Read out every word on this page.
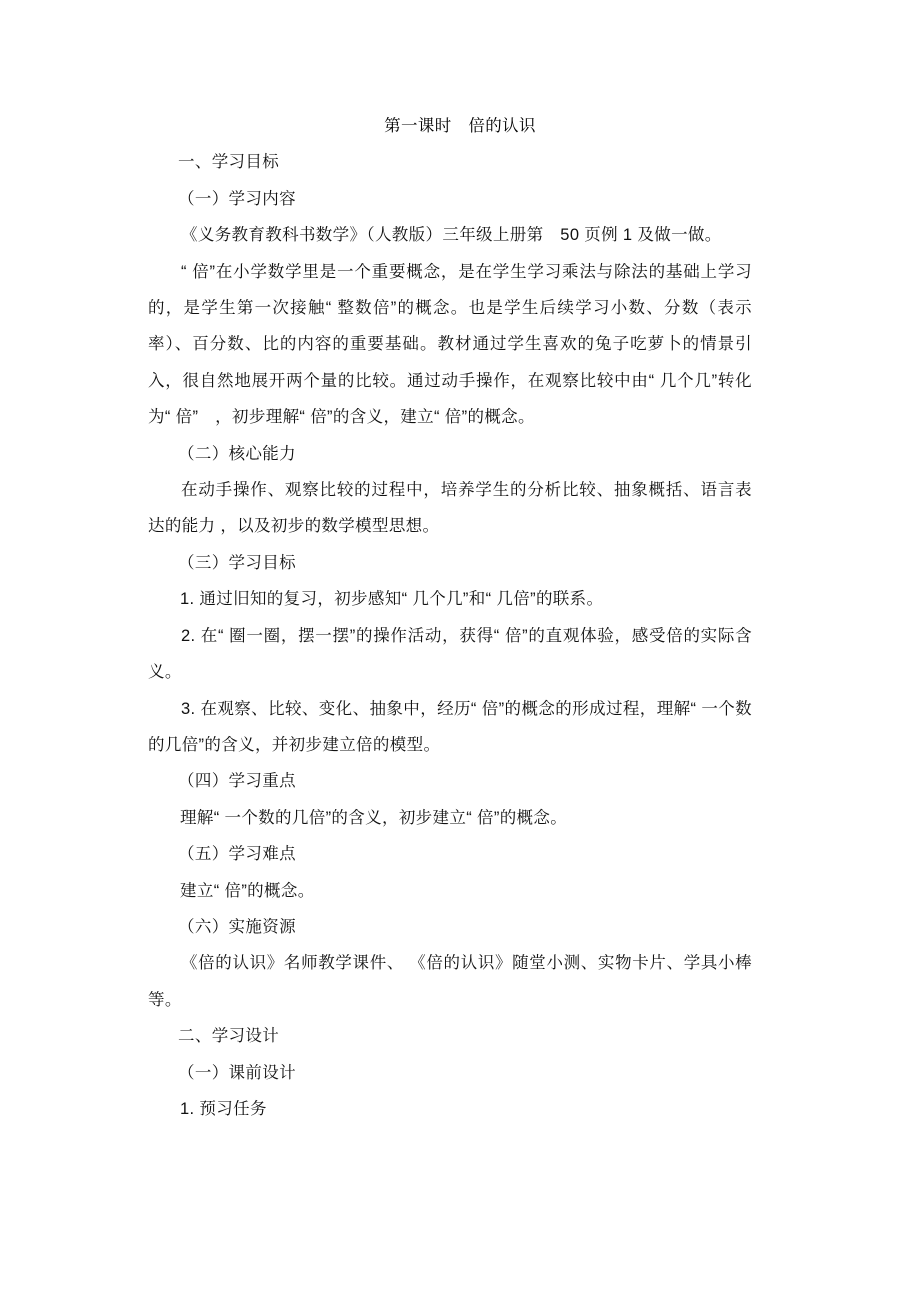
第一课时　倍的认识

一、学习目标

（一）学习内容

《义务教育教科书数学》（人教版）三年级上册第　50 页例 1 及做一做。

“ 倍”在小学数学里是一个重要概念，是在学生学习乘法与除法的基础上学习的，是学生第一次接触“ 整数倍”的概念。也是学生后续学习小数、分数（表示率）、百分数、比的内容的重要基础。教材通过学生喜欢的兔子吃萝卜的情景引入，很自然地展开两个量的比较。通过动手操作，在观察比较中由“ 几个几”转化为“ 倍”　，初步理解“ 倍”的含义，建立“ 倍”的概念。

（二）核心能力

在动手操作、观察比较的过程中，培养学生的分析比较、抽象概括、语言表达的能力 ，以及初步的数学模型思想。

（三）学习目标

1. 通过旧知的复习，初步感知“ 几个几”和“ 几倍”的联系。

2. 在“ 圈一圈，摆一摆”的操作活动，获得“ 倍”的直观体验，感受倍的实际含义。

3. 在观察、比较、变化、抽象中，经历“ 倍”的概念的形成过程，理解“ 一个数的几倍”的含义，并初步建立倍的模型。

（四）学习重点

理解“ 一个数的几倍”的含义，初步建立“ 倍”的概念。

（五）学习难点

建立“ 倍”的概念。

（六）实施资源

《倍的认识》名师教学课件、 《倍的认识》随堂小测、实物卡片、学具小棒等。

二、学习设计

（一）课前设计

1. 预习任务
